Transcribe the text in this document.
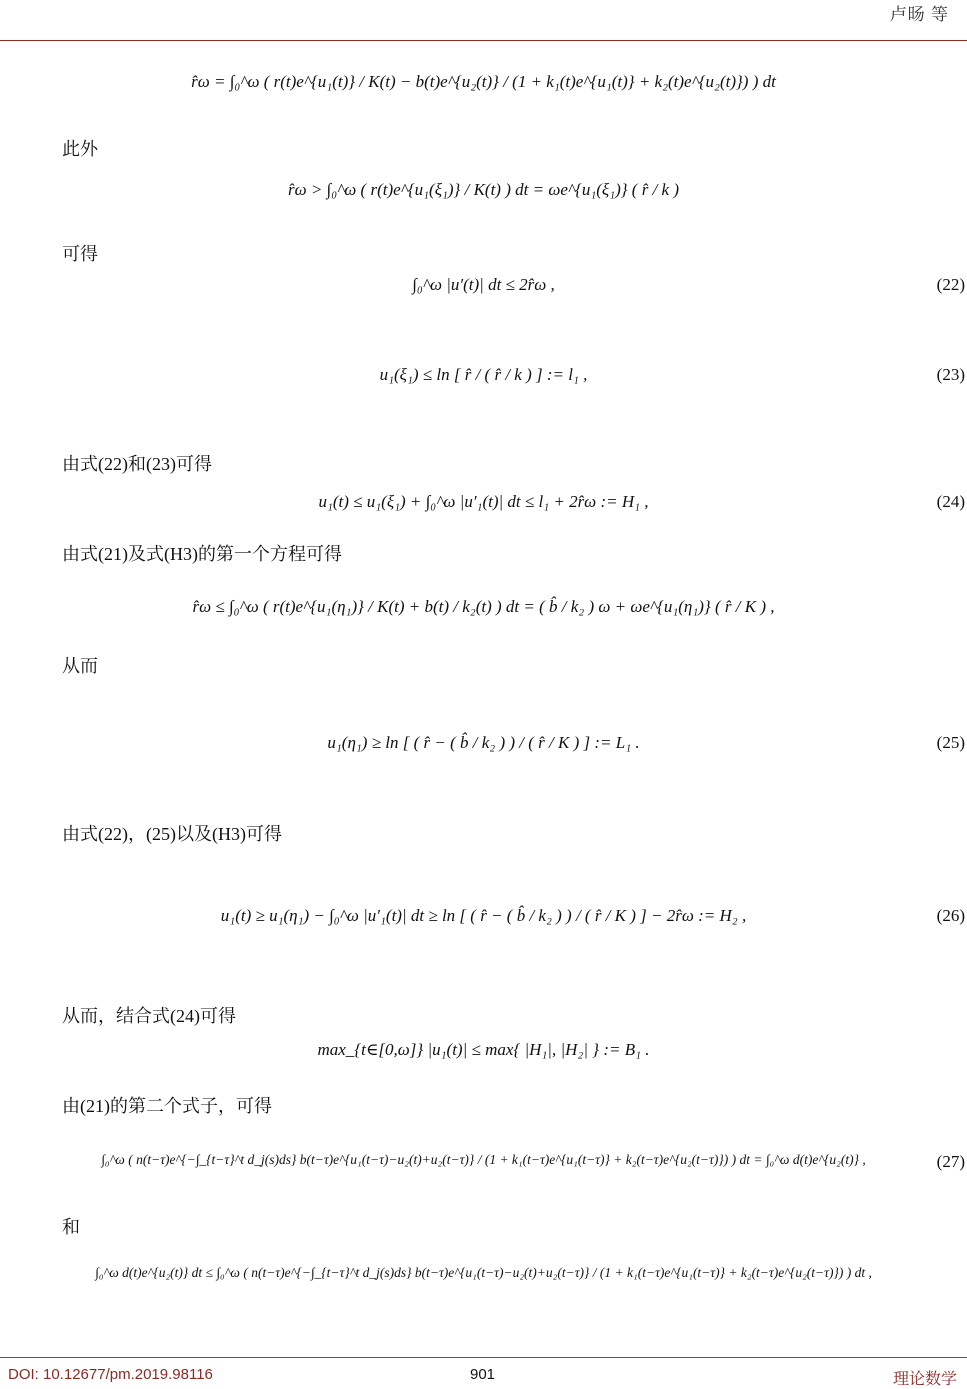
卢旸 等
r̂ω = ∫₀^ω ( r(t)e^{u₁(t)} / K(t) − b(t)e^{u₂(t)} / (1 + k₁(t)e^{u₁(t)} + k₂(t)e^{u₂(t)}) ) dt
此外
r̂ω > ∫₀^ω ( r(t)e^{u₁(ξ₁)} / K(t) ) dt = ωe^{u₁(ξ₁)} ( r̂ / k )
可得
∫₀^ω |u′(t)| dt ≤ 2r̂ω ,	(22)
u₁(ξ₁) ≤ ln [ r̂ / ( r̂ / k ) ] := l₁ ,	(23)
由式(22)和(23)可得
u₁(t) ≤ u₁(ξ₁) + ∫₀^ω |u′₁(t)| dt ≤ l₁ + 2r̂ω := H₁ ,	(24)
由式(21)及式(H3)的第一个方程可得
r̂ω ≤ ∫₀^ω ( r(t)e^{u₁(η₁)} / K(t) + b(t) / k₂(t) ) dt = ( b̂ / k₂ ) ω + ωe^{u₁(η₁)} ( r̂ / K ) ,
从而
u₁(η₁) ≥ ln [ ( r̂ − ( b̂ / k₂ ) ) / ( r̂ / K ) ] := L₁ .	(25)
由式(22)，(25)以及(H3)可得
u₁(t) ≥ u₁(η₁) − ∫₀^ω |u′₁(t)| dt ≥ ln [ ( r̂ − ( b̂ / k₂ ) ) / ( r̂ / K ) ] − 2r̂ω := H₂ ,	(26)
从而，结合式(24)可得
max_{t∈[0,ω]} |u₁(t)| ≤ max{ |H₁|, |H₂| } := B₁ .
由(21)的第二个式子，可得
∫₀^ω ( n(t−τ)e^{−∫_{t−τ}^t d_j(s)ds} b(t−τ)e^{u₁(t−τ)−u₂(t)+u₂(t−τ)} / (1 + k₁(t−τ)e^{u₁(t−τ)} + k₂(t−τ)e^{u₂(t−τ)}) ) dt = ∫₀^ω d(t)e^{u₂(t)} ,	(27)
和
∫₀^ω d(t)e^{u₂(t)} dt ≤ ∫₀^ω ( n(t−τ)e^{−∫_{t−τ}^t d_j(s)ds} b(t−τ)e^{u₁(t−τ)−u₂(t)+u₂(t−τ)} / (1 + k₁(t−τ)e^{u₁(t−τ)} + k₂(t−τ)e^{u₂(t−τ)}) ) dt ,
DOI: 10.12677/pm.2019.98116	901	理论数学
